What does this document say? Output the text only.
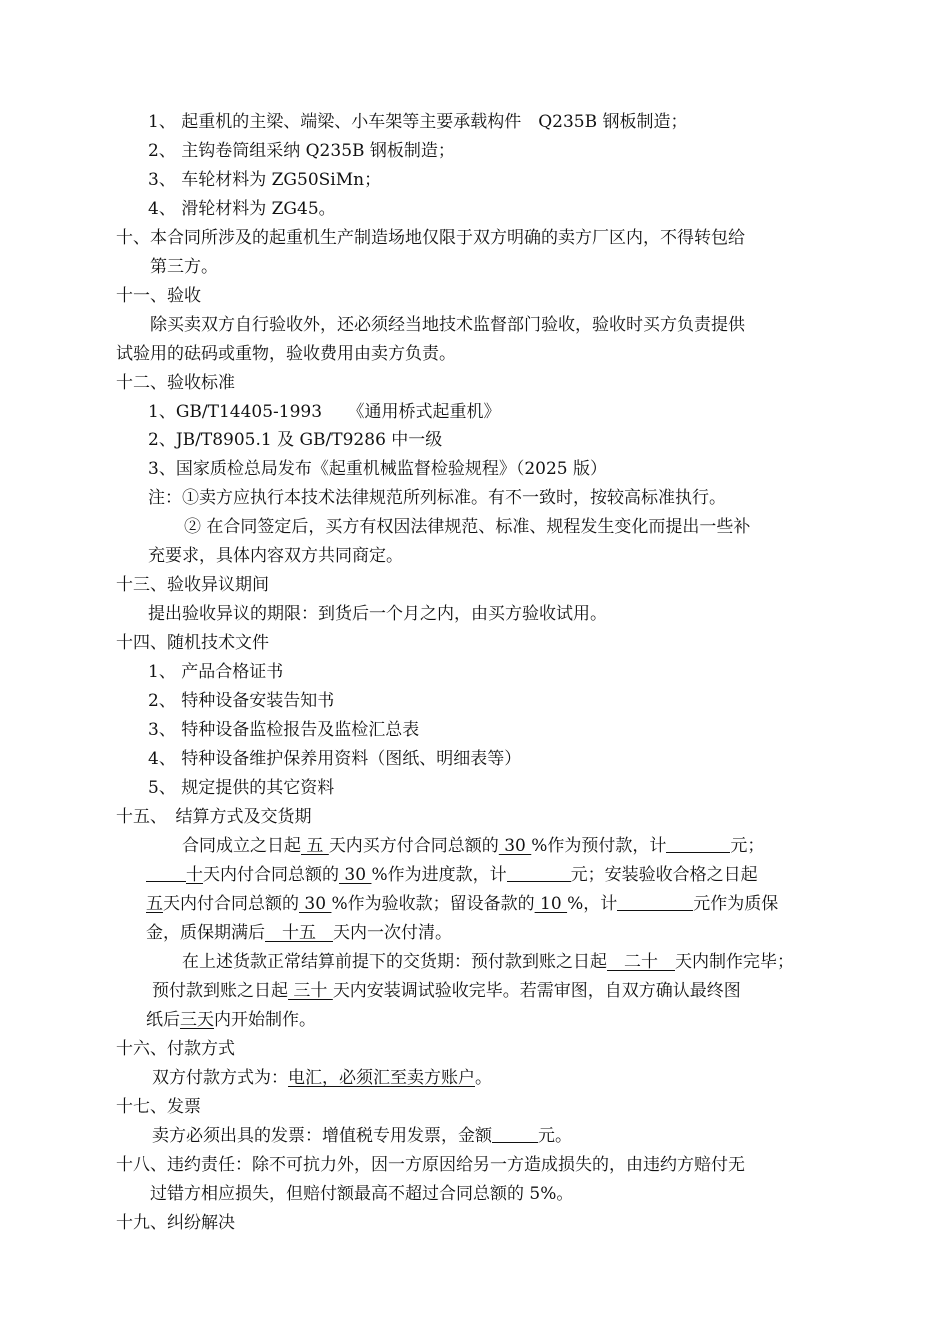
1、 起重机的主梁、端梁、小车架等主要承载构件　Q235B 钢板制造；
2、 主钩卷筒组采纳 Q235B 钢板制造；
3、 车轮材料为 ZG50SiMn；
4、 滑轮材料为 ZG45。
十、本合同所涉及的起重机生产制造场地仅限于双方明确的卖方厂区内，不得转包给
第三方。
十一、验收
除买卖双方自行验收外，还必须经当地技术监督部门验收，验收时买方负责提供
试验用的砝码或重物，验收费用由卖方负责。
十二、验收标准
1、GB/T14405-1993　　《通用桥式起重机》
2、JB/T8905.1 及 GB/T9286 中一级
3、国家质检总局发布《起重机械监督检验规程》（2025 版）
注：①卖方应执行本技术法律规范所列标准。有不一致时，按较高标准执行。
② 在合同签定后，买方有权因法律规范、标准、规程发生变化而提出一些补
充要求，具体内容双方共同商定。
十三、验收异议期间
提出验收异议的期限：到货后一个月之内，由买方验收试用。
十四、随机技术文件
1、 产品合格证书
2、 特种设备安装告知书
3、 特种设备监检报告及监检汇总表
4、 特种设备维护保养用资料（图纸、明细表等）
5、 规定提供的其它资料
十五、　结算方式及交货期
合同成立之日起 五 天内买方付合同总额的 30 %作为预付款，计	元；
十天内付合同总额的 30 %作为进度款，计	元；安装验收合格之日起
五天内付合同总额的 30 %作为验收款；留设备款的 10 %，计	元作为质保
金，质保期满后　十五　天内一次付清。
在上述货款正常结算前提下的交货期：预付款到账之日起　二十　天内制作完毕；
预付款到账之日起 三十 天内安装调试验收完毕。若需审图，自双方确认最终图
纸后三天内开始制作。
十六、付款方式
双方付款方式为：电汇，必须汇至卖方账户。
十七、发票
卖方必须出具的发票：增值税专用发票，金额	元。
十八、违约责任：除不可抗力外，因一方原因给另一方造成损失的，由违约方赔付无
过错方相应损失，但赔付额最高不超过合同总额的 5%。
十九、纠纷解决
